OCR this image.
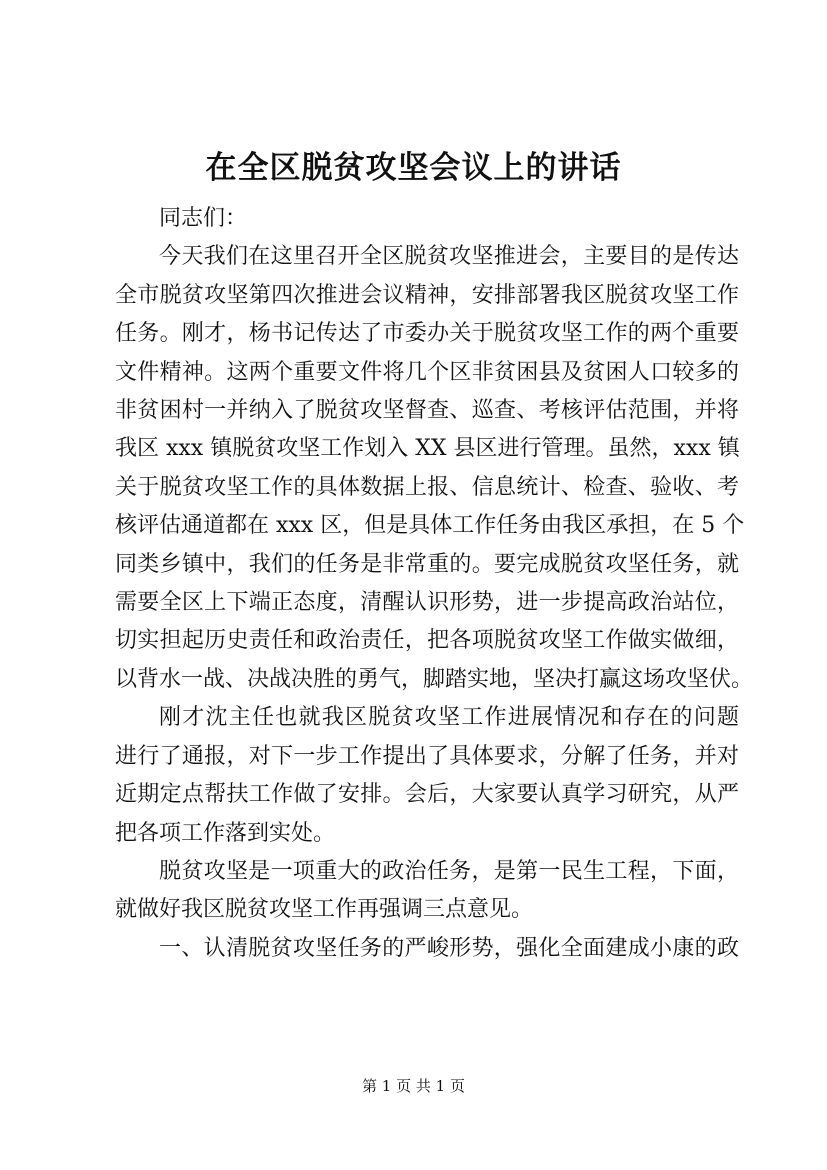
在全区脱贫攻坚会议上的讲话
同志们：
今天我们在这里召开全区脱贫攻坚推进会，主要目的是传达
全市脱贫攻坚第四次推进会议精神，安排部署我区脱贫攻坚工作
任务。刚才，杨书记传达了市委办关于脱贫攻坚工作的两个重要
文件精神。这两个重要文件将几个区非贫困县及贫困人口较多的
非贫困村一并纳入了脱贫攻坚督查、巡查、考核评估范围，并将
我区 xxx 镇脱贫攻坚工作划入 XX 县区进行管理。虽然，xxx 镇
关于脱贫攻坚工作的具体数据上报、信息统计、检查、验收、考
核评估通道都在 xxx 区，但是具体工作任务由我区承担，在 5 个
同类乡镇中，我们的任务是非常重的。要完成脱贫攻坚任务，就
需要全区上下端正态度，清醒认识形势，进一步提高政治站位，
切实担起历史责任和政治责任，把各项脱贫攻坚工作做实做细，
以背水一战、决战决胜的勇气，脚踏实地，坚决打赢这场攻坚伏。
刚才沈主任也就我区脱贫攻坚工作进展情况和存在的问题
进行了通报，对下一步工作提出了具体要求，分解了任务，并对
近期定点帮扶工作做了安排。会后，大家要认真学习研究，从严
把各项工作落到实处。
脱贫攻坚是一项重大的政治任务，是第一民生工程，下面，
就做好我区脱贫攻坚工作再强调三点意见。
一、认清脱贫攻坚任务的严峻形势，强化全面建成小康的政
第 1 页 共 1 页
